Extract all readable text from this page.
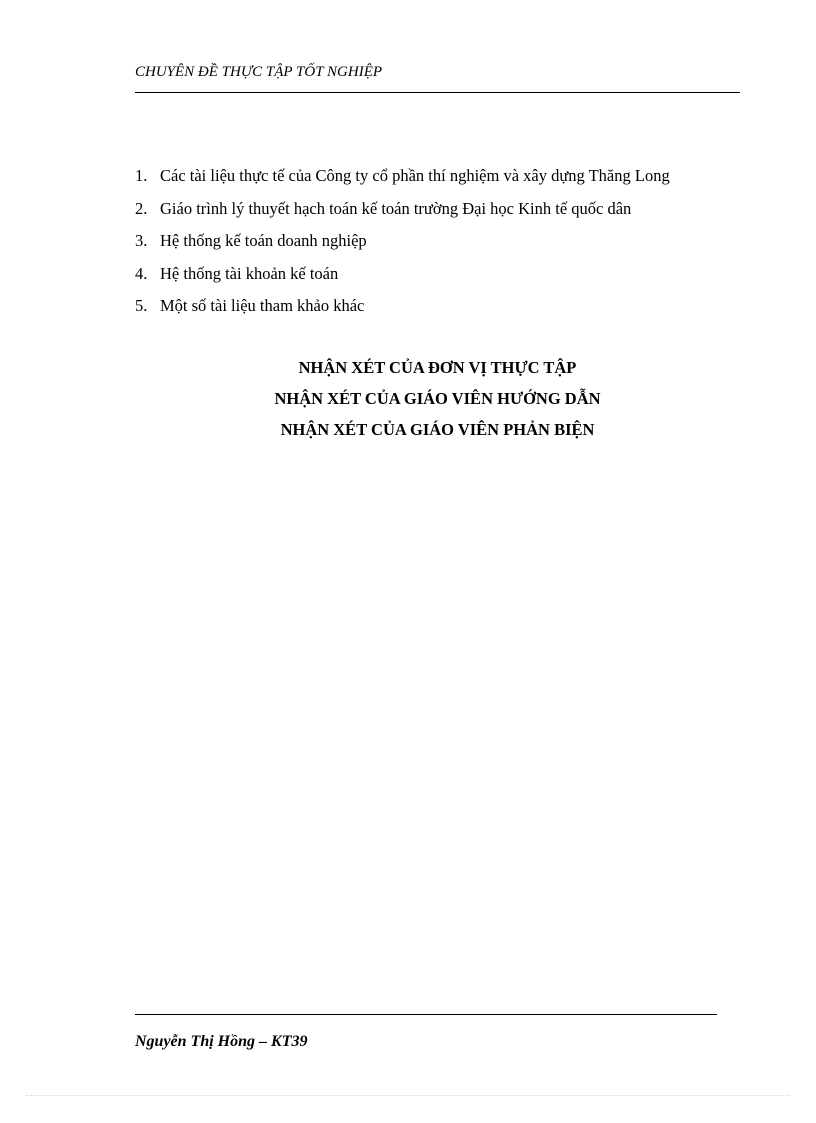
CHUYÊN ĐỀ THỰC TẬP TỐT NGHIỆP
1. Các tài liệu thực tế của Công ty cổ phần thí nghiệm và xây dựng Thăng Long
2. Giáo trình lý thuyết hạch toán kế toán trường Đại học Kinh tế quốc dân
3. Hệ thống kế toán doanh nghiệp
4. Hệ thống tài khoản kế toán
5. Một số tài liệu tham khảo khác
NHẬN XÉT CỦA ĐƠN VỊ THỰC TẬP
NHẬN XÉT CỦA GIÁO VIÊN HƯỚNG DẪN
NHẬN XÉT CỦA GIÁO VIÊN PHẢN BIỆN
Nguyễn Thị Hồng – KT39
